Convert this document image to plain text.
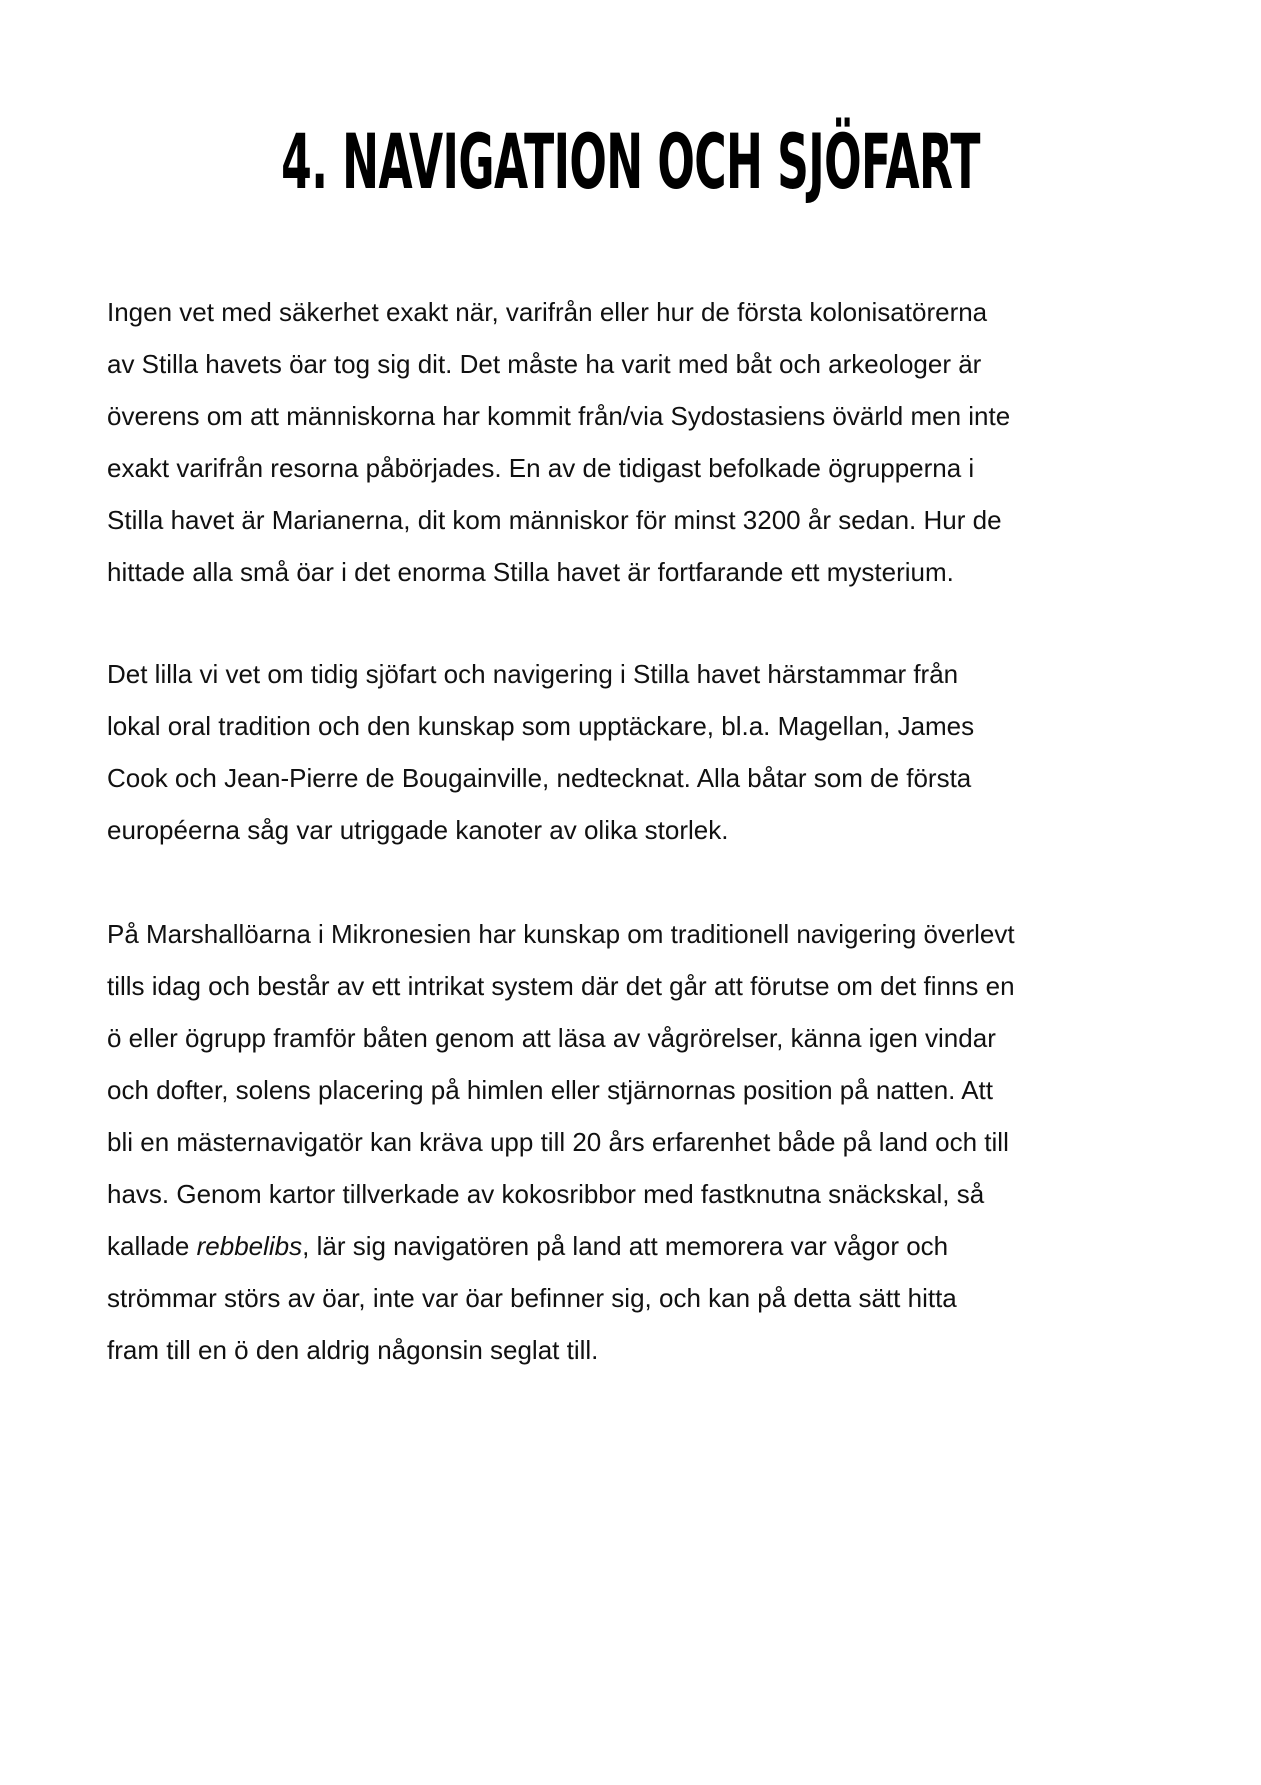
4. NAVIGATION OCH SJÖFART

Ingen vet med säkerhet exakt när, varifrån eller hur de första kolonisatörerna
av Stilla havets öar tog sig dit. Det måste ha varit med båt och arkeologer är
överens om att människorna har kommit från/via Sydostasiens övärld men inte
exakt varifrån resorna påbörjades. En av de tidigast befolkade ögrupperna i
Stilla havet är Marianerna, dit kom människor för minst 3200 år sedan. Hur de
hittade alla små öar i det enorma Stilla havet är fortfarande ett mysterium.

Det lilla vi vet om tidig sjöfart och navigering i Stilla havet härstammar från
lokal oral tradition och den kunskap som upptäckare, bl.a. Magellan, James
Cook och Jean-Pierre de Bougainville, nedtecknat. Alla båtar som de första
européerna såg var utriggade kanoter av olika storlek.

På Marshallöarna i Mikronesien har kunskap om traditionell navigering överlevt
tills idag och består av ett intrikat system där det går att förutse om det finns en
ö eller ögrupp framför båten genom att läsa av vågrörelser, känna igen vindar
och dofter, solens placering på himlen eller stjärnornas position på natten. Att
bli en mästernavigatör kan kräva upp till 20 års erfarenhet både på land och till
havs. Genom kartor tillverkade av kokosribbor med fastknutna snäckskal, så
kallade rebbelibs, lär sig navigatören på land att memorera var vågor och
strömmar störs av öar, inte var öar befinner sig, och kan på detta sätt hitta
fram till en ö den aldrig någonsin seglat till.
